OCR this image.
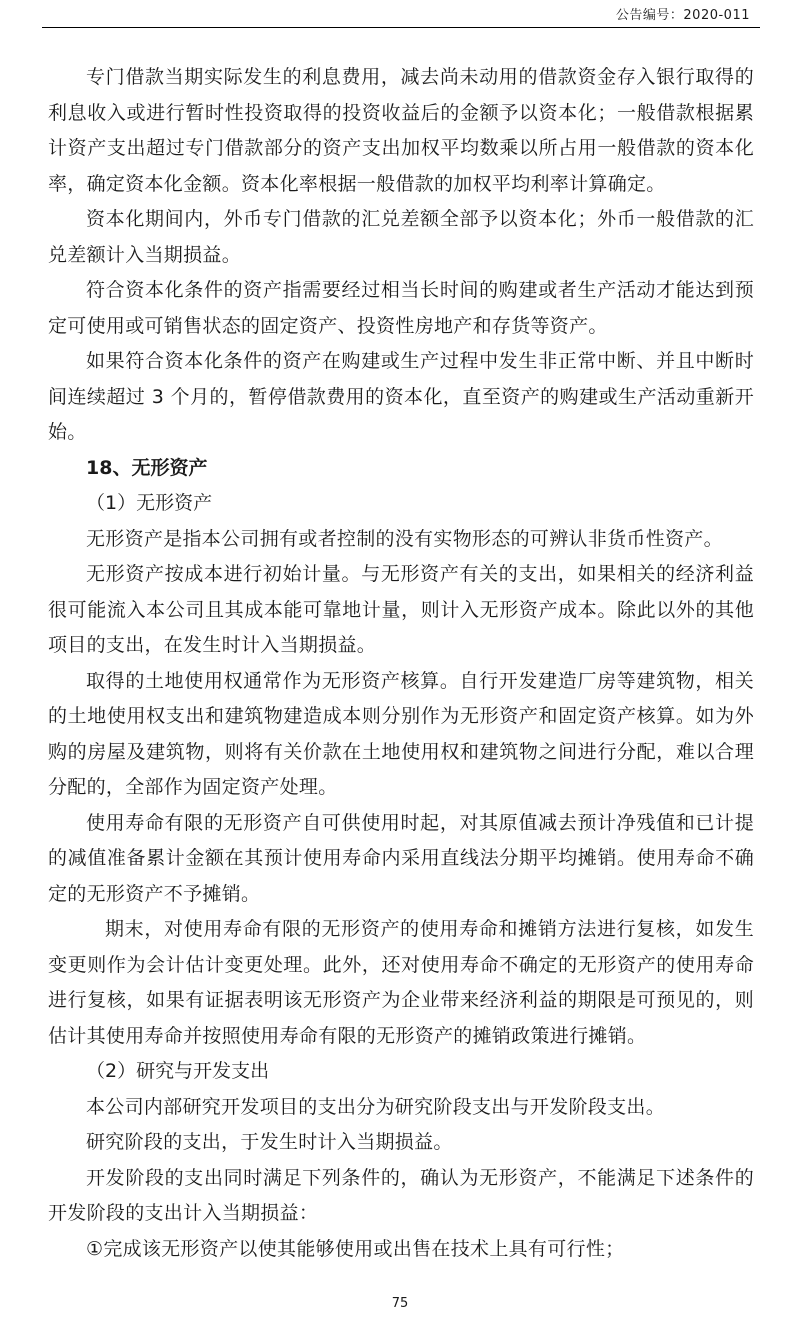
公告编号：2020-011

专门借款当期实际发生的利息费用，减去尚未动用的借款资金存入银行取得的利息收入或进行暂时性投资取得的投资收益后的金额予以资本化；一般借款根据累计资产支出超过专门借款部分的资产支出加权平均数乘以所占用一般借款的资本化率，确定资本化金额。资本化率根据一般借款的加权平均利率计算确定。

资本化期间内，外币专门借款的汇兑差额全部予以资本化；外币一般借款的汇兑差额计入当期损益。

符合资本化条件的资产指需要经过相当长时间的购建或者生产活动才能达到预定可使用或可销售状态的固定资产、投资性房地产和存货等资产。

如果符合资本化条件的资产在购建或生产过程中发生非正常中断、并且中断时间连续超过 3 个月的，暂停借款费用的资本化，直至资产的购建或生产活动重新开始。

18、无形资产

（1）无形资产

无形资产是指本公司拥有或者控制的没有实物形态的可辨认非货币性资产。

无形资产按成本进行初始计量。与无形资产有关的支出，如果相关的经济利益很可能流入本公司且其成本能可靠地计量，则计入无形资产成本。除此以外的其他项目的支出，在发生时计入当期损益。

取得的土地使用权通常作为无形资产核算。自行开发建造厂房等建筑物，相关的土地使用权支出和建筑物建造成本则分别作为无形资产和固定资产核算。如为外购的房屋及建筑物，则将有关价款在土地使用权和建筑物之间进行分配，难以合理分配的，全部作为固定资产处理。

使用寿命有限的无形资产自可供使用时起，对其原值减去预计净残值和已计提的减值准备累计金额在其预计使用寿命内采用直线法分期平均摊销。使用寿命不确定的无形资产不予摊销。

期末，对使用寿命有限的无形资产的使用寿命和摊销方法进行复核，如发生变更则作为会计估计变更处理。此外，还对使用寿命不确定的无形资产的使用寿命进行复核，如果有证据表明该无形资产为企业带来经济利益的期限是可预见的，则估计其使用寿命并按照使用寿命有限的无形资产的摊销政策进行摊销。

（2）研究与开发支出

本公司内部研究开发项目的支出分为研究阶段支出与开发阶段支出。

研究阶段的支出，于发生时计入当期损益。

开发阶段的支出同时满足下列条件的，确认为无形资产，不能满足下述条件的开发阶段的支出计入当期损益：

①完成该无形资产以使其能够使用或出售在技术上具有可行性；

75
